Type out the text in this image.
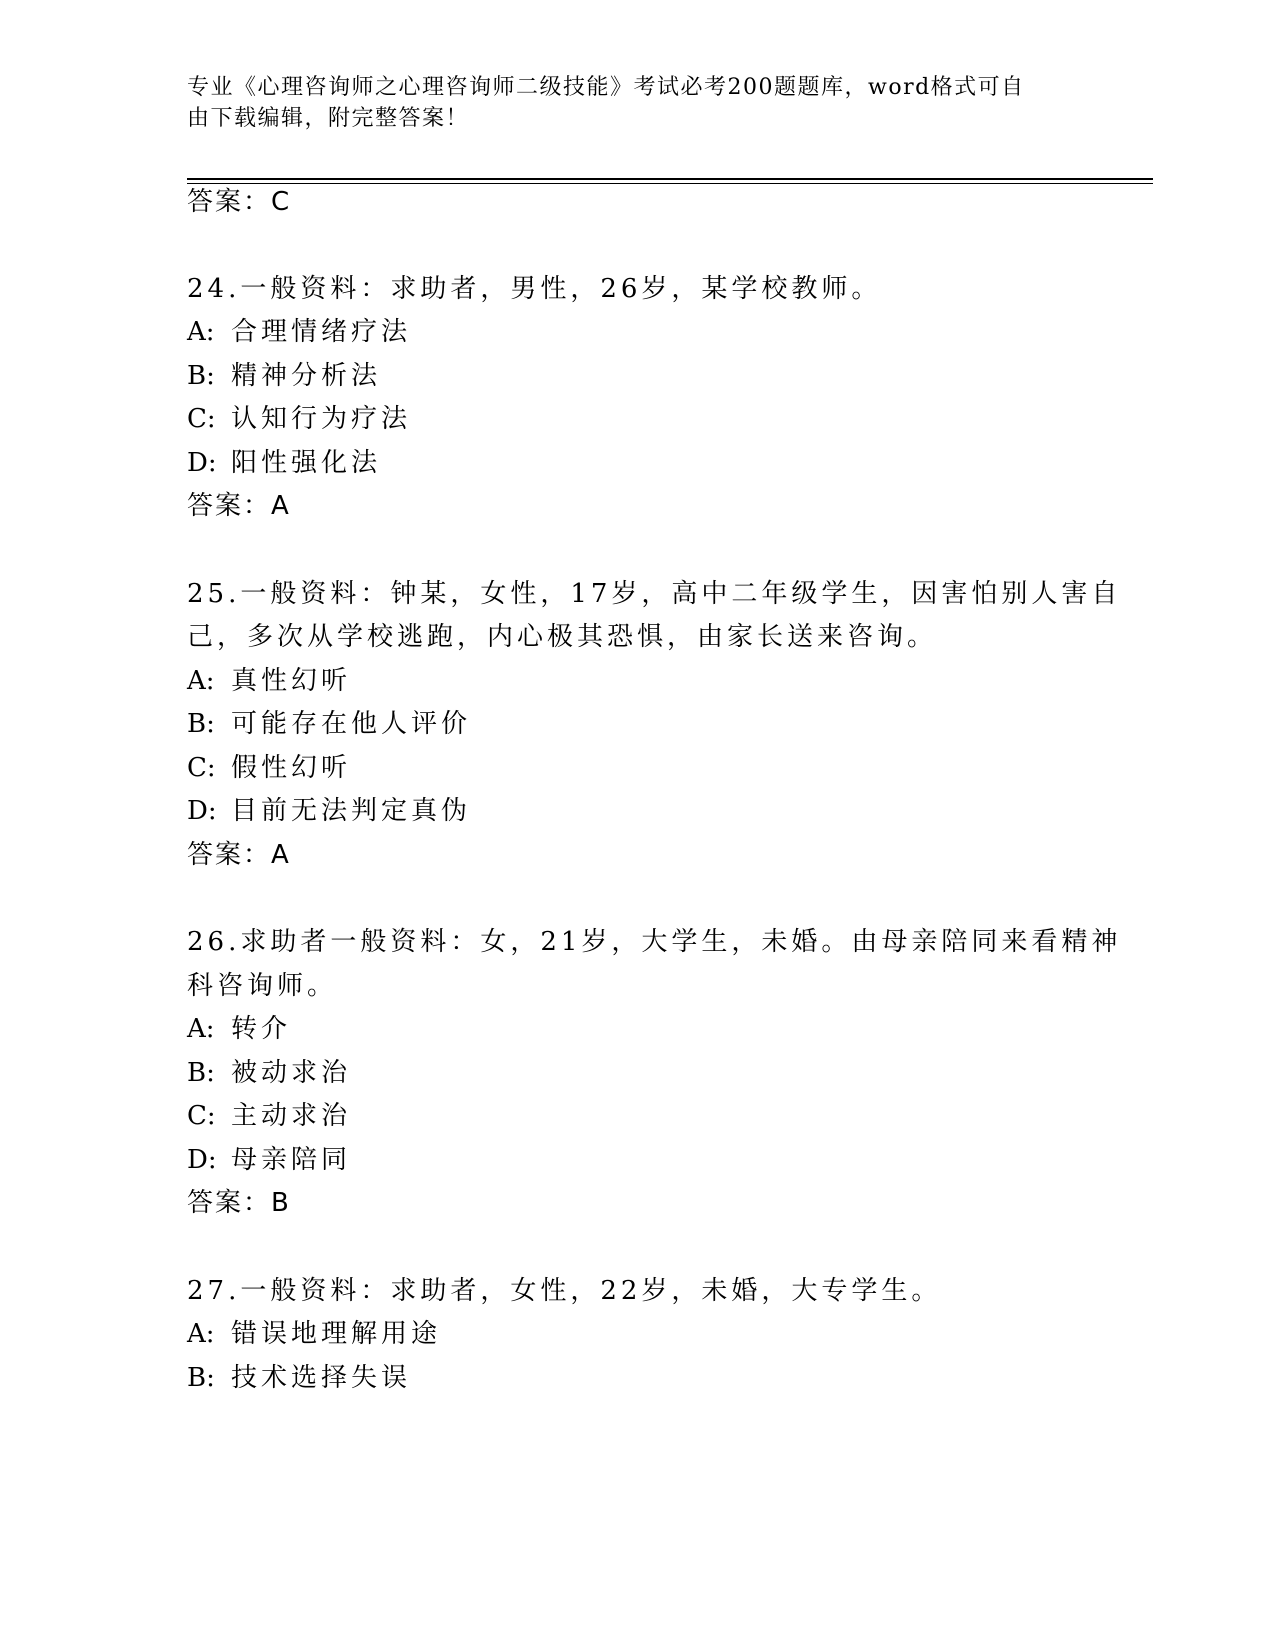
专业《心理咨询师之心理咨询师二级技能》考试必考200题题库，word格式可自
由下载编辑，附完整答案！
答案：C
24.一般资料：求助者，男性，26岁，某学校教师。
A: 合理情绪疗法
B: 精神分析法
C: 认知行为疗法
D: 阳性强化法
答案：A
25.一般资料：钟某，女性，17岁，高中二年级学生，因害怕别人害自
己，多次从学校逃跑，内心极其恐惧，由家长送来咨询。
A: 真性幻听
B: 可能存在他人评价
C: 假性幻听
D: 目前无法判定真伪
答案：A
26.求助者一般资料：女，21岁，大学生，未婚。由母亲陪同来看精神
科咨询师。
A: 转介
B: 被动求治
C: 主动求治
D: 母亲陪同
答案：B
27.一般资料：求助者，女性，22岁，未婚，大专学生。
A: 错误地理解用途
B: 技术选择失误
